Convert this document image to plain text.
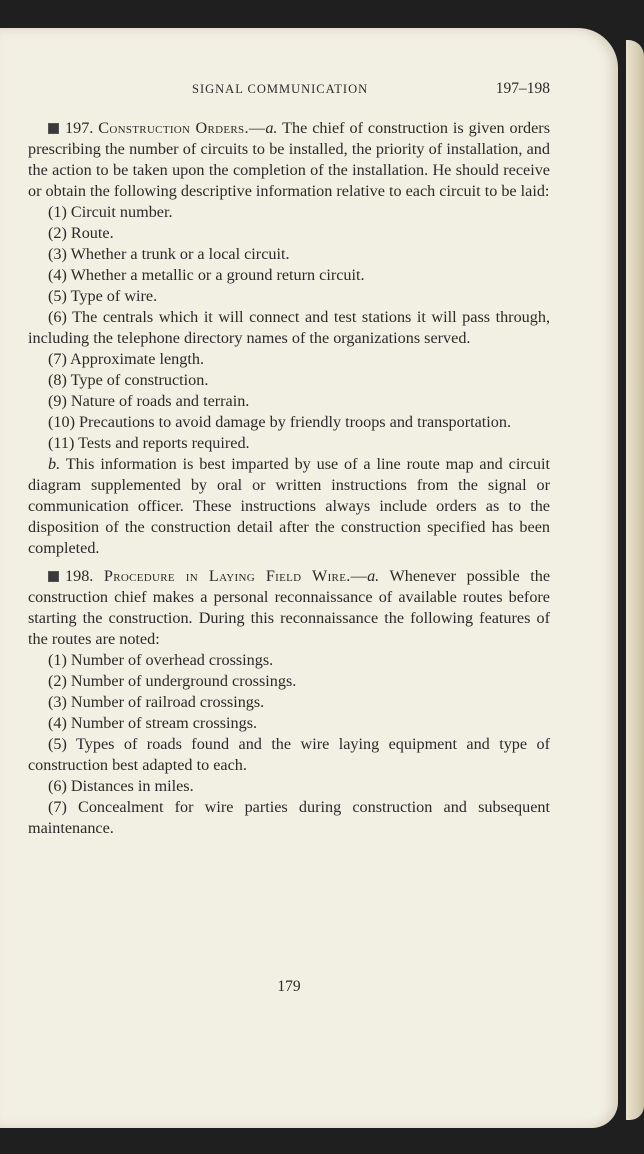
SIGNAL COMMUNICATION	197–198

197. Construction Orders.—a. The chief of construction is given orders prescribing the number of circuits to be installed, the priority of installation, and the action to be taken upon the completion of the installation. He should receive or obtain the following descriptive information relative to each circuit to be laid:

(1) Circuit number.

(2) Route.

(3) Whether a trunk or a local circuit.

(4) Whether a metallic or a ground return circuit.

(5) Type of wire.

(6) The centrals which it will connect and test stations it will pass through, including the telephone directory names of the organizations served.

(7) Approximate length.

(8) Type of construction.

(9) Nature of roads and terrain.

(10) Precautions to avoid damage by friendly troops and transportation.

(11) Tests and reports required.

b. This information is best imparted by use of a line route map and circuit diagram supplemented by oral or written instructions from the signal or communication officer. These instructions always include orders as to the disposition of the construction detail after the construction specified has been completed.

198. Procedure in Laying Field Wire.—a. Whenever possible the construction chief makes a personal reconnaissance of available routes before starting the construction. During this reconnaissance the following features of the routes are noted:

(1) Number of overhead crossings.

(2) Number of underground crossings.

(3) Number of railroad crossings.

(4) Number of stream crossings.

(5) Types of roads found and the wire laying equipment and type of construction best adapted to each.

(6) Distances in miles.

(7) Concealment for wire parties during construction and subsequent maintenance.

179
